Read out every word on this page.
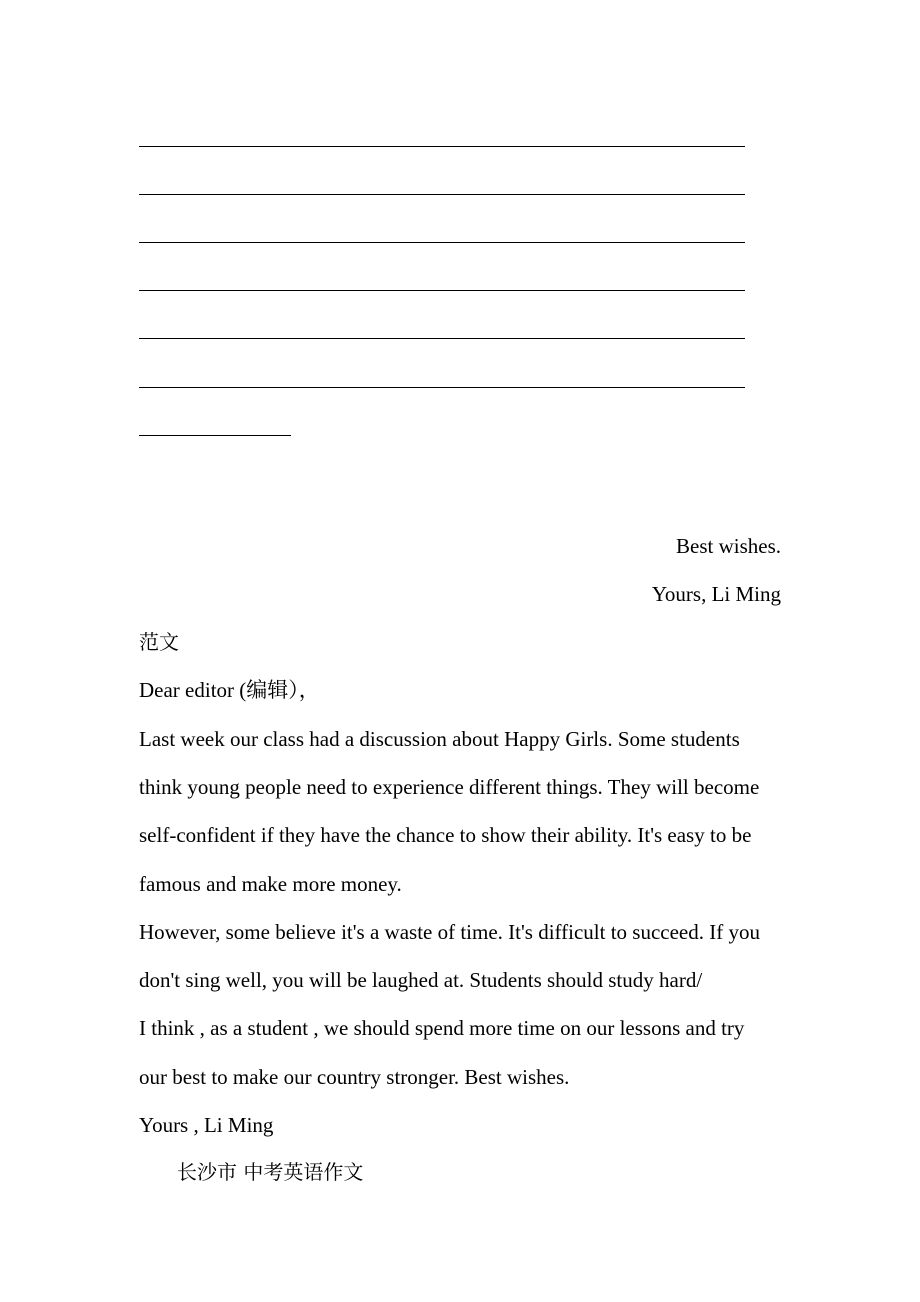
Best wishes.
Yours, Li Ming
范文
Dear editor (编辑），
Last week our class had a discussion about Happy Girls. Some students
think young people need to experience different things. They will become
self-confident if they have the chance to show their ability. It's easy to be
famous and make more money.
However, some believe it's a waste of time. It's difficult to succeed. If you
don't sing well, you will be laughed at. Students should study hard/
I think , as a student , we should spend more time on our lessons and try
our best to make our country stronger. Best wishes.
Yours , Li Ming
长沙市 中考英语作文
